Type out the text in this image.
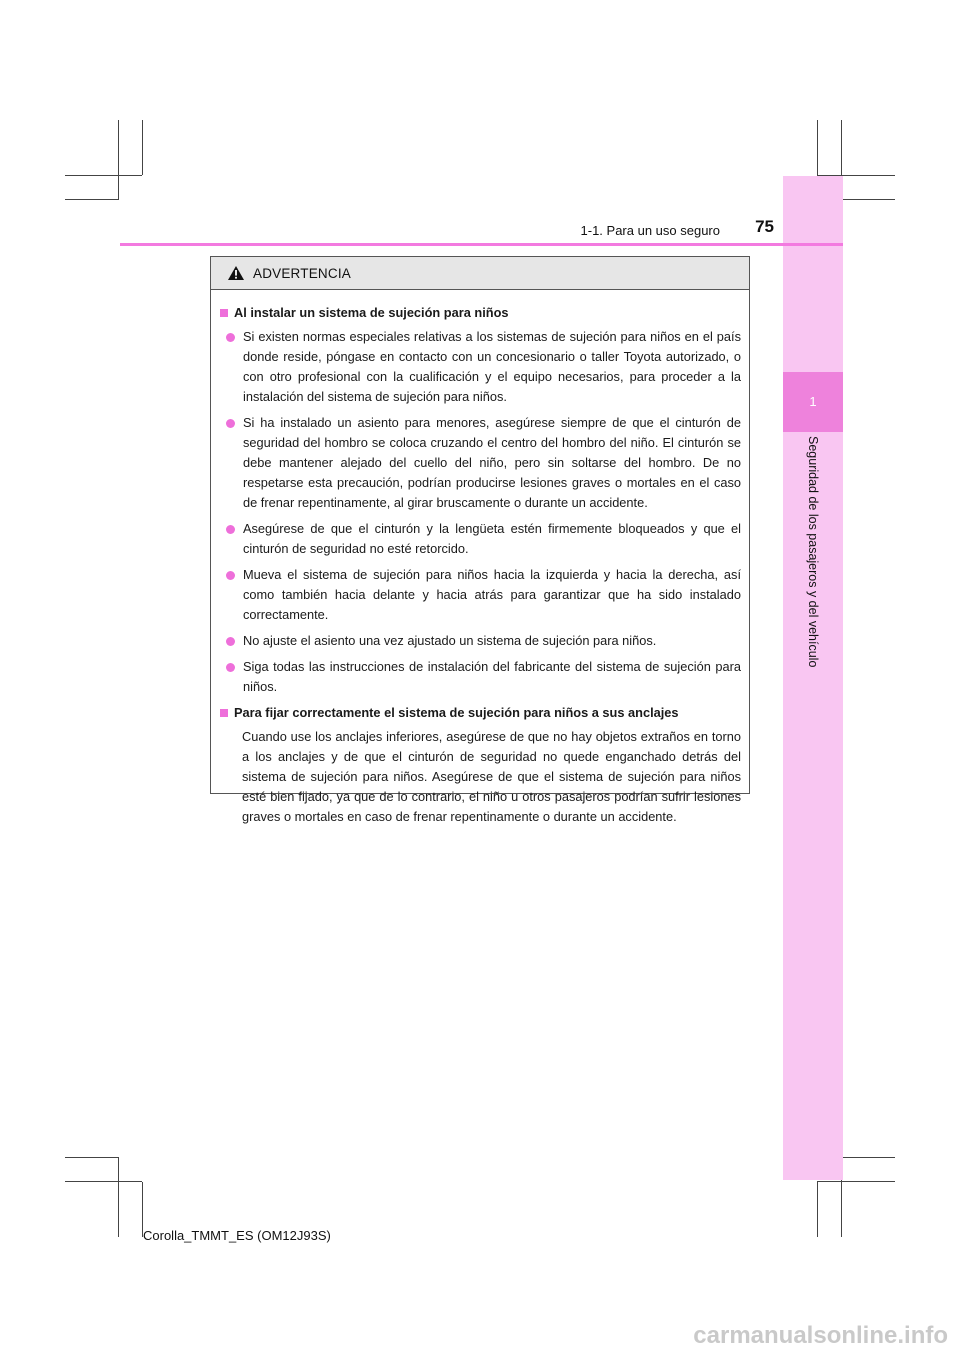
1
Seguridad de los pasajeros y del vehículo
1-1. Para un uso seguro	75
ADVERTENCIA
Al instalar un sistema de sujeción para niños
Si existen normas especiales relativas a los sistemas de sujeción para niños en el país donde reside, póngase en contacto con un concesionario o taller Toyota autorizado, o con otro profesional con la cualificación y el equipo necesarios, para proceder a la instalación del sistema de sujeción para niños.
Si ha instalado un asiento para menores, asegúrese siempre de que el cinturón de seguridad del hombro se coloca cruzando el centro del hombro del niño. El cinturón se debe mantener alejado del cuello del niño, pero sin soltarse del hombro. De no respetarse esta precaución, podrían producirse lesiones graves o mortales en el caso de frenar repentinamente, al girar bruscamente o durante un accidente.
Asegúrese de que el cinturón y la lengüeta estén firmemente bloqueados y que el cinturón de seguridad no esté retorcido.
Mueva el sistema de sujeción para niños hacia la izquierda y hacia la derecha, así como también hacia delante y hacia atrás para garantizar que ha sido instalado correctamente.
No ajuste el asiento una vez ajustado un sistema de sujeción para niños.
Siga todas las instrucciones de instalación del fabricante del sistema de sujeción para niños.
Para fijar correctamente el sistema de sujeción para niños a sus anclajes
Cuando use los anclajes inferiores, asegúrese de que no hay objetos extraños en torno a los anclajes y de que el cinturón de seguridad no quede enganchado detrás del sistema de sujeción para niños. Asegúrese de que el sistema de sujeción para niños esté bien fijado, ya que de lo contrario, el niño u otros pasajeros podrían sufrir lesiones graves o mortales en caso de frenar repentinamente o durante un accidente.
Corolla_TMMT_ES (OM12J93S)
carmanualsonline.info
